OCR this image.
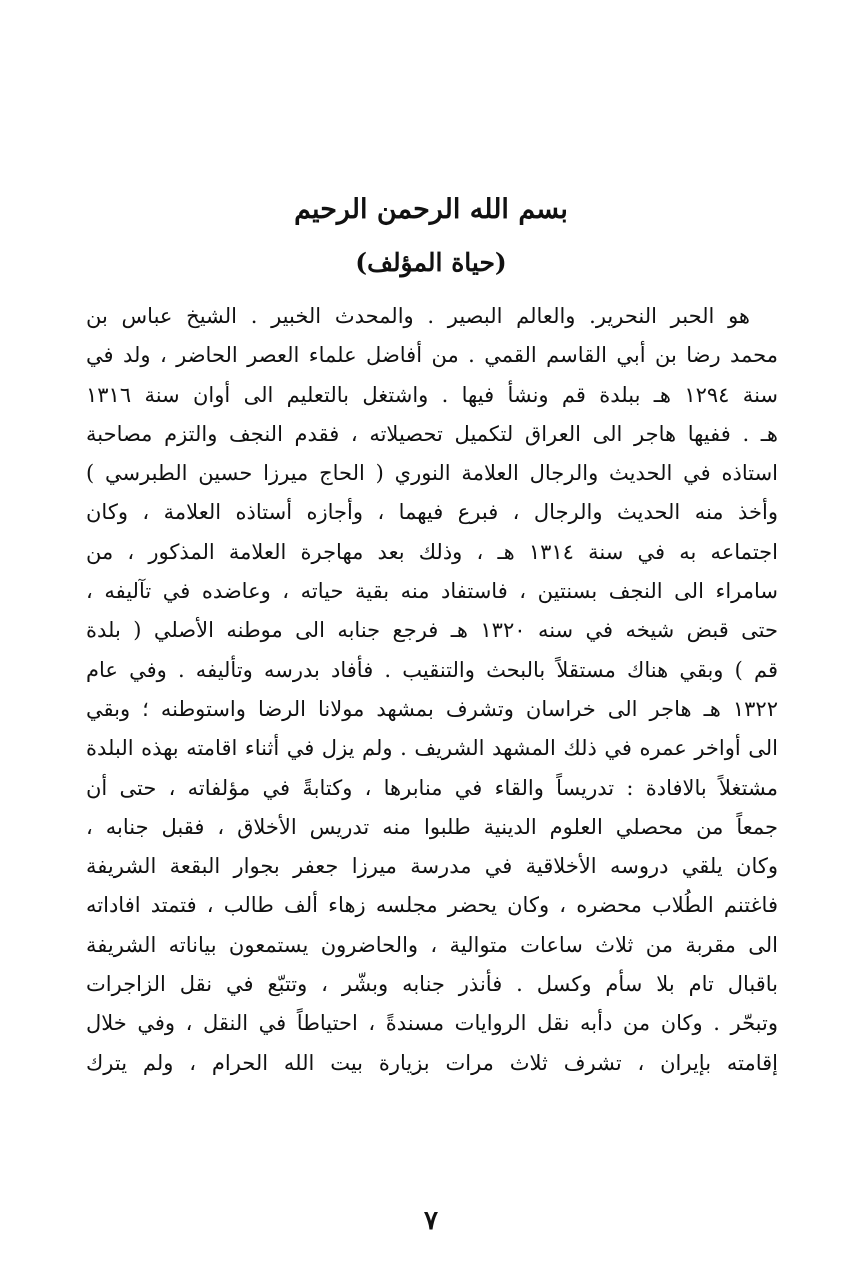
بسم الله الرحمن الرحيم
(حياة المؤلف)
هو الحبر النحرير. والعالم البصير . والمحدث الخبير . الشيخ عباس بن
محمد رضا بن أبي القاسم القمي . من أفاضل علماء العصر الحاضر ، ولد في
سنة ١٢٩٤ هـ ببلدة قم ونشأ فيها . واشتغل بالتعليم الى أوان سنة ١٣١٦
هـ . ففيها هاجر الى العراق لتكميل تحصيلاته ، فقدم النجف والتزم مصاحبة
استاذه في الحديث والرجال العلامة النوري ( الحاج ميرزا حسين الطبرسي )
وأخذ منه الحديث والرجال ، فبرع فيهما ، وأجازه أستاذه العلامة ، وكان
اجتماعه به في سنة ١٣١٤ هـ ، وذلك بعد مهاجرة العلامة المذكور ، من
سامراء الى النجف بسنتين ، فاستفاد منه بقية حياته ، وعاضده في تآليفه ،
حتى قبض شيخه في سنه ١٣٢٠ هـ فرجع جنابه الى موطنه الأصلي ( بلدة
قم ) وبقي هناك مستقلاً بالبحث والتنقيب . فأفاد بدرسه وتأليفه . وفي عام
١٣٢٢ هـ هاجر الى خراسان وتشرف بمشهد مولانا الرضا واستوطنه ؛ وبقي
الى أواخر عمره في ذلك المشهد الشريف . ولم يزل في أثناء اقامته بهذه البلدة
مشتغلاً بالافادة : تدريساً والقاء في منابرها ، وكتابةً في مؤلفاته ، حتى أن
جمعاً من محصلي العلوم الدينية طلبوا منه تدريس الأخلاق ، فقبل جنابه ،
وكان يلقي دروسه الأخلاقية في مدرسة ميرزا جعفر بجوار البقعة الشريفة
فاغتنم الطُلاب محضره ، وكان يحضر مجلسه زهاء ألف طالب ، فتمتد افاداته
الى مقربة من ثلاث ساعات متوالية ، والحاضرون يستمعون بياناته الشريفة
باقبال تام بلا سأم وكسل . فأنذر جنابه وبشّر ، وتتبّع في نقل الزاجرات
وتبحّر . وكان من دأبه نقل الروايات مسندةً ، احتياطاً في النقل ، وفي خلال
إقامته بإيران ، تشرف ثلاث مرات بزيارة بيت الله الحرام ، ولم يترك
٧
